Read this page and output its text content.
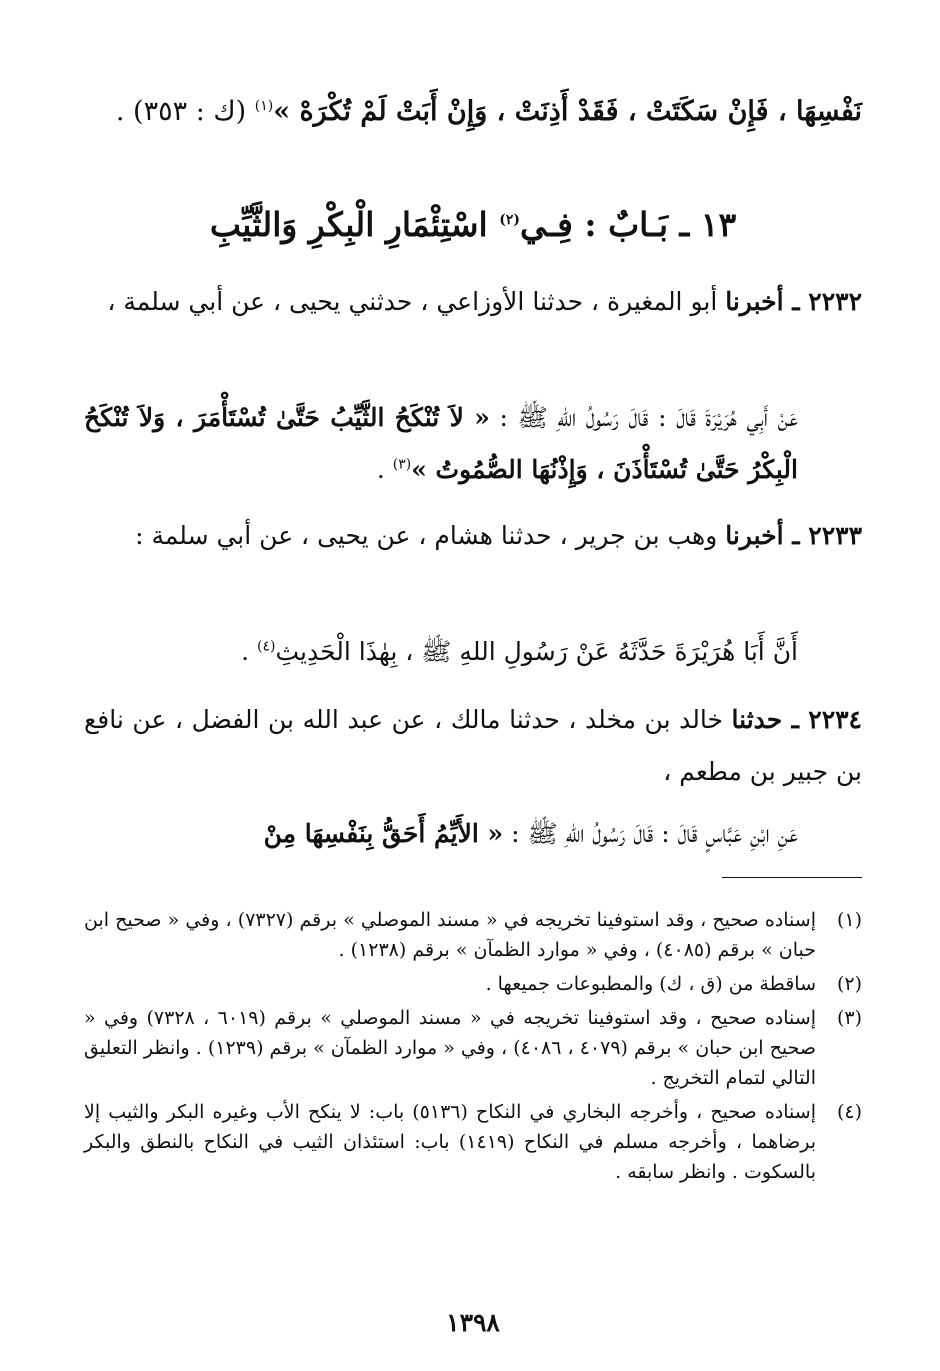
نَفْسِهَا ، فَإِنْ سَكَتَتْ ، فَقَدْ أَذِنَتْ ، وَإِنْ أَبَتْ لَمْ تُكْرَهْ »$^{(١)}$ (ك : ٣٥٣) .
١٣ ـ بَـابٌ : فِـي$^{(٢)}$ اسْتِئْمَارِ الْبِكْرِ وَالثَّيِّبِ
٢٢٣٢ ـ أخبرنا أبو المغيرة ، حدثنا الأوزاعي ، حدثني يحيى ، عن أبي سلمة ،
عَنْ أَبِي هُرَيْرَةَ قَالَ : قَالَ رَسُولُ اللهِ ﷺ : « لاَ تُنْكَحُ الثَّيِّبُ حَتَّىٰ تُسْتَأْمَرَ ، وَلاَ تُنْكَحُ الْبِكْرُ حَتَّىٰ تُسْتَأْذَنَ ، وَإِذْنُهَا الصُّمُوتُ »$^{(٣)}$ .
٢٢٣٣ ـ أخبرنا وهب بن جرير ، حدثنا هشام ، عن يحيى ، عن أبي سلمة :
أَنَّ أَبَا هُرَيْرَةَ حَدَّثَهُ عَنْ رَسُولِ اللهِ ﷺ ، بِهٰذَا الْحَدِيثِ$^{(٤)}$ .
٢٢٣٤ ـ حدثنا خالد بن مخلد ، حدثنا مالك ، عن عبد الله بن الفضل ، عن نافع بن جبير بن مطعم ،
عَنِ ابْنِ عَبَّاسٍ قَالَ : قَالَ رَسُولُ اللهِ ﷺ : « الأَيِّمُ أَحَقُّ بِنَفْسِهَا مِنْ
(١)
إسناده صحيح ، وقد استوفينا تخريجه في « مسند الموصلي » برقم (٧٣٢٧) ، وفي « صحيح ابن حبان » برقم (٤٠٨٥) ، وفي « موارد الظمآن » برقم (١٢٣٨) .
(٢)
ساقطة من (ق ، ك) والمطبوعات جميعها .
(٣)
إسناده صحيح ، وقد استوفينا تخريجه في « مسند الموصلي » برقم (٦٠١٩ ، ٧٣٢٨) وفي « صحيح ابن حبان » برقم (٤٠٧٩ ، ٤٠٨٦) ، وفي « موارد الظمآن » برقم (١٢٣٩) . وانظر التعليق التالي لتمام التخريج .
(٤)
إسناده صحيح ، وأخرجه البخاري في النكاح (٥١٣٦) باب: لا ينكح الأب وغيره البكر والثيب إلا برضاهما ، وأخرجه مسلم في النكاح (١٤١٩) باب: استئذان الثيب في النكاح بالنطق والبكر بالسكوت . وانظر سابقه .
١٣٩٨
